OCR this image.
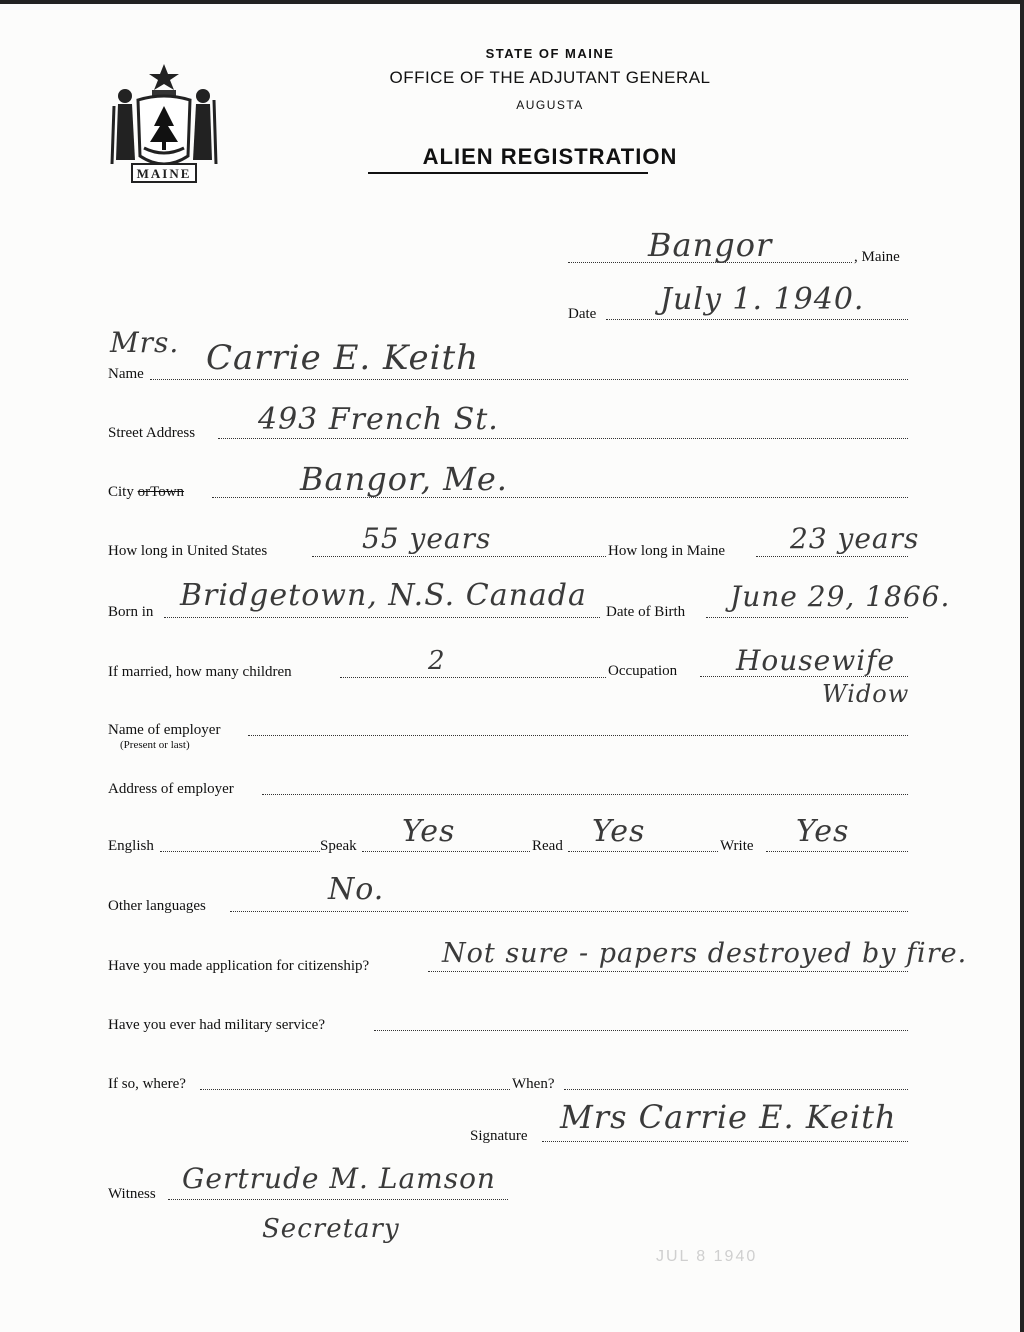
MAINE
STATE OF MAINE
OFFICE OF THE ADJUTANT GENERAL
AUGUSTA
ALIEN REGISTRATION
Bangor	, Maine
Date July 1. 1940.
Mrs.
Name Carrie E. Keith
Street Address 493 French St.
City orTown	Bangor, Me.
How long in United States	55 years	How long in Maine 23 years
Born in Bridgetown, N.S. Canada Date of Birth June 29, 1866.
If married, how many children	2	Occupation Housewife
Widow
Name of employer
(Present or last)
Address of employer
English	Speak Yes	Read Yes	Write Yes
Other languages	No.
Have you made application for citizenship?	Not sure - papers destroyed by fire.
Have you ever had military service?
If so, where?	When?
Signature Mrs Carrie E. Keith
Witness Gertrude M. Lamson
Secretary
JUL 8 1940
